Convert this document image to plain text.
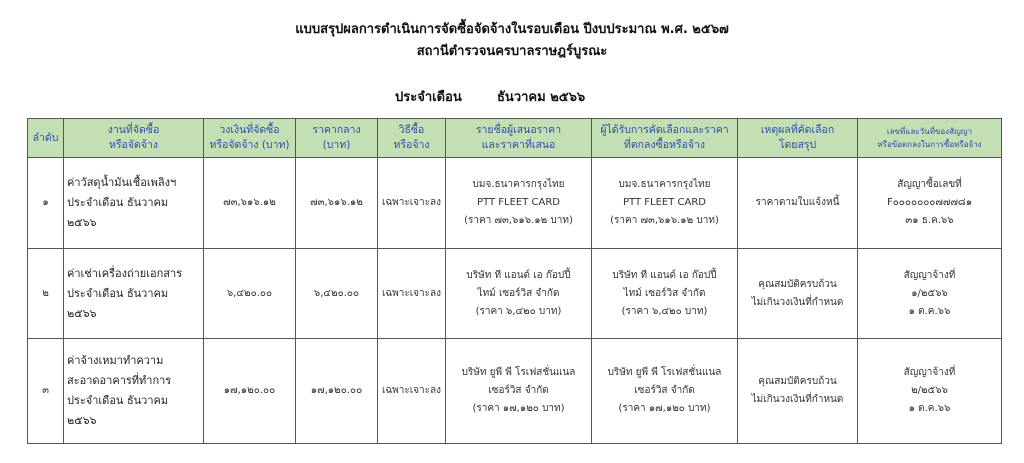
แบบสรุปผลการดำเนินการจัดซื้อจัดจ้างในรอบเดือน ปีงบประมาณ พ.ศ. ๒๕๖๗
สถานีตำรวจนครบาลราษฎร์บูรณะ
ประจำเดือน	ธันวาคม ๒๕๖๖
ลำดับ	งานที่จัดซื้อ
หรือจัดจ้าง	วงเงินที่จัดซื้อ
หรือจัดจ้าง (บาท)	ราคากลาง
(บาท)	วิธีซื้อ
หรือจ้าง	รายชื่อผู้เสนอราคา
และราคาที่เสนอ	ผู้ได้รับการคัดเลือกและราคา
ที่ตกลงซื้อหรือจ้าง	เหตุผลที่คัดเลือก
โดยสรุป	เลขที่และวันที่ของสัญญา
หรือข้อตกลงในการซื้อหรือจ้าง
๑	ค่าวัสดุน้ำมันเชื้อเพลิงฯ
ประจำเดือน ธันวาคม
๒๕๖๖	๗๓,๖๑๖.๑๒	๗๓,๖๑๖.๑๒	เฉพาะเจาะลง	บมจ.ธนาคารกรุงไทย
PTT FLEET CARD
(ราคา ๗๓,๖๑๖.๑๒ บาท)	บมจ.ธนาคารกรุงไทย
PTT FLEET CARD
(ราคา ๗๓,๖๑๖.๑๒ บาท)	ราคาตามใบแจ้งหนี้	สัญญาซื้อเลขที่
F๐๐๐๐๐๐๐๗๗๗๘๑
๓๑ ธ.ค.๖๖
๒	ค่าเช่าเครื่องถ่ายเอกสาร
ประจำเดือน ธันวาคม
๒๕๖๖	๖,๔๒๐.๐๐	๖,๔๒๐.๐๐	เฉพาะเจาะลง	บริษัท ที แอนด์ เอ ก๊อปปี้
ไทม์ เซอร์วิส จำกัด
(ราคา ๖,๔๒๐ บาท)	บริษัท ที แอนด์ เอ ก๊อปปี้
ไทม์ เซอร์วิส จำกัด
(ราคา ๖,๔๒๐ บาท)	คุณสมบัติครบถ้วน
ไม่เกินวงเงินที่กำหนด	สัญญาจ้างที่
๑/๒๕๖๖
๑ ต.ค.๖๖
๓	ค่าจ้างเหมาทำความ
สะอาดอาคารที่ทำการ
ประจำเดือน ธันวาคม
๒๕๖๖	๑๗,๑๒๐.๐๐	๑๗,๑๒๐.๐๐	เฉพาะเจาะลง	บริษัท ยูพี พี โรเฟสชั่นแนล
เซอร์วิส จำกัด
(ราคา ๑๗,๑๒๐ บาท)	บริษัท ยูพี พี โรเฟสชั่นแนล
เซอร์วิส จำกัด
(ราคา ๑๗,๑๒๐ บาท)	คุณสมบัติครบถ้วน
ไม่เกินวงเงินที่กำหนด	สัญญาจ้างที่
๒/๒๕๖๖
๑ ต.ค.๖๖
